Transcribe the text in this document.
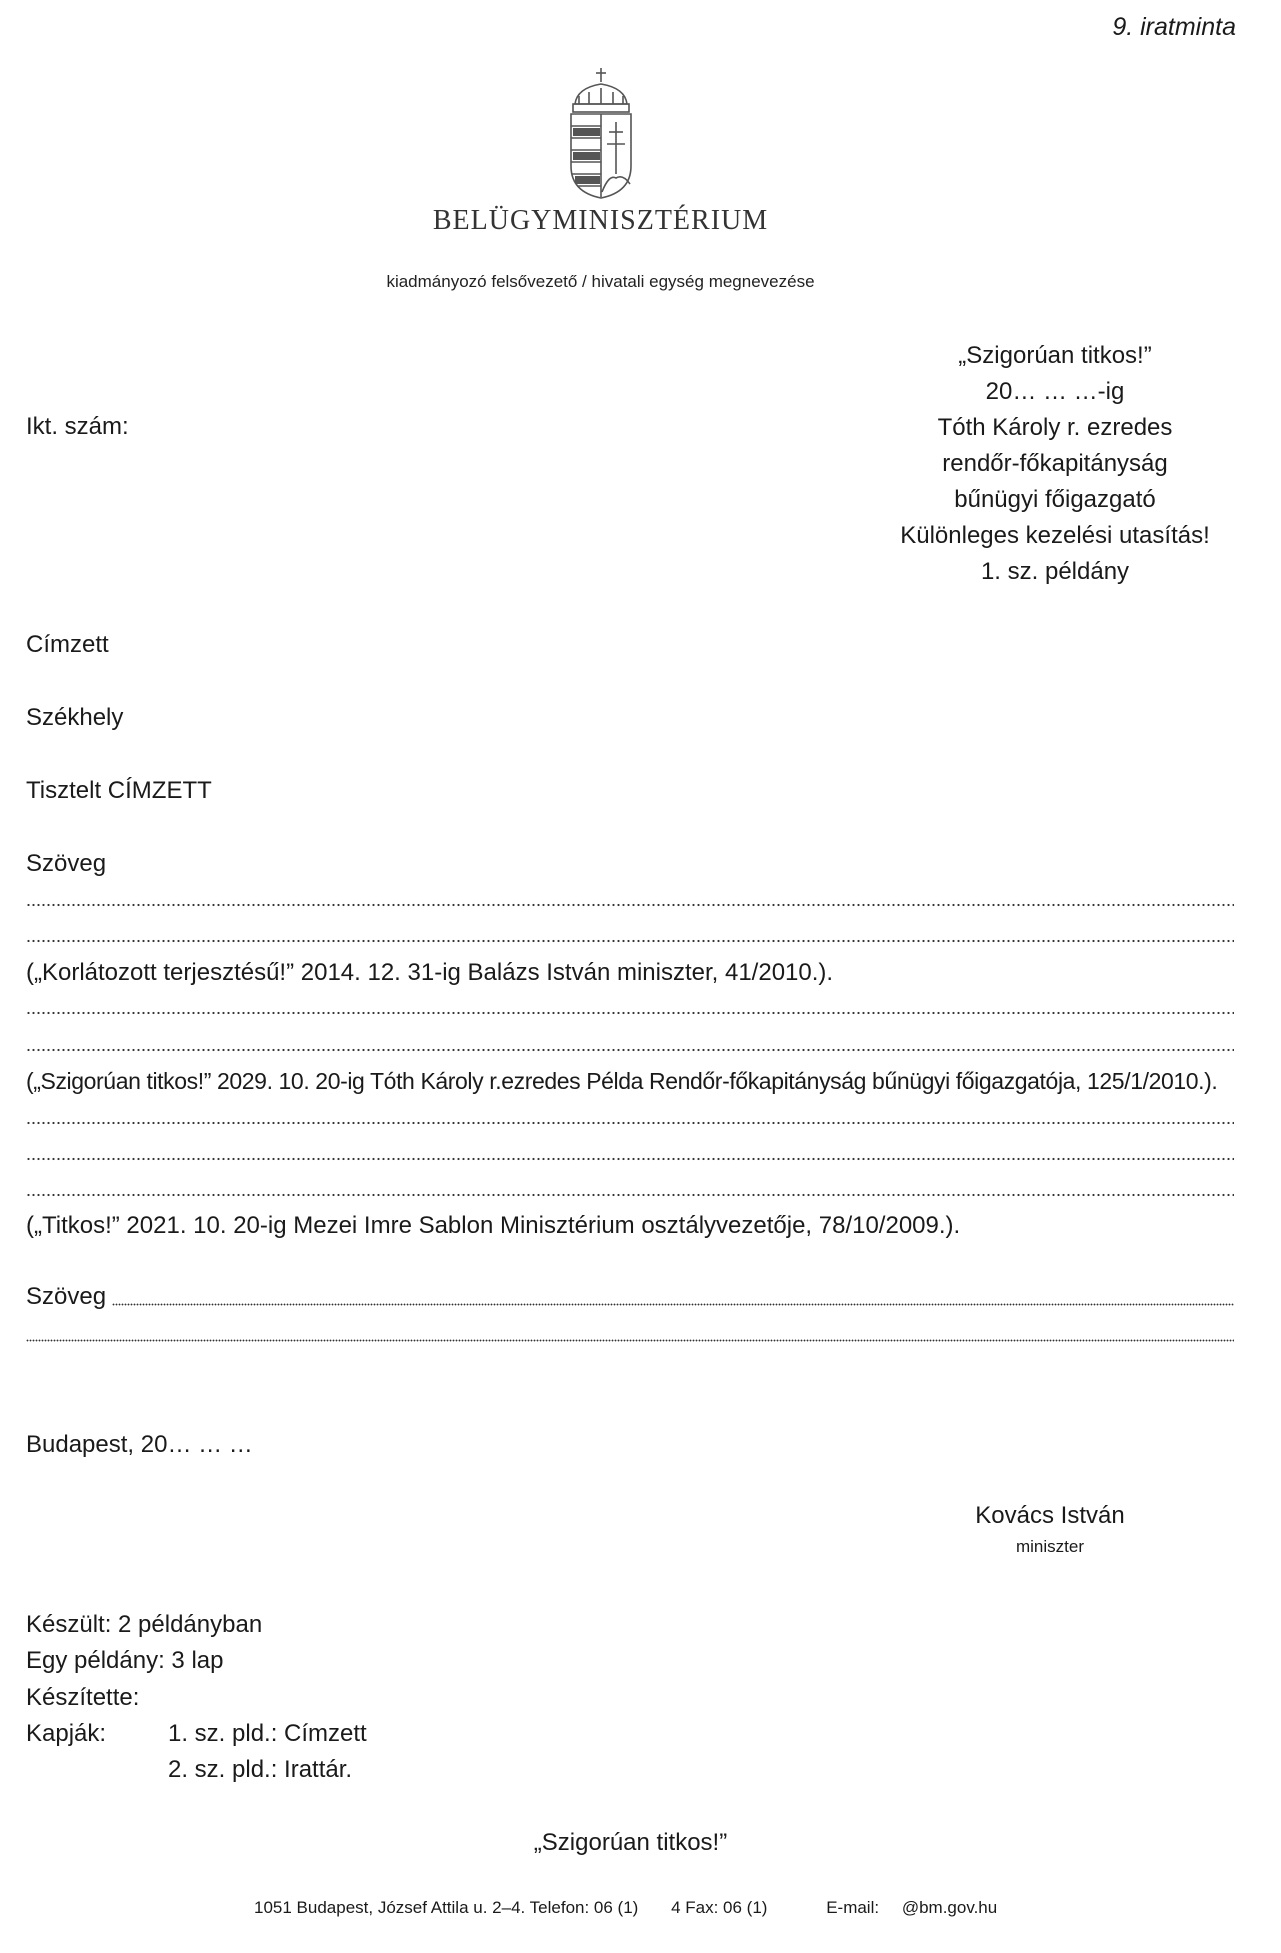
9. iratminta
BELÜGYMINISZTÉRIUM
kiadmányozó felsővezető / hivatali egység megnevezése
Ikt. szám:
„Szigorúan titkos!”
20… … …-ig
Tóth Károly r. ezredes
rendőr-főkapitányság
bűnügyi főigazgató
Különleges kezelési utasítás!
1. sz. példány
Címzett
Székhely
Tisztelt CÍMZETT
Szöveg
(„Korlátozott terjesztésű!” 2014. 12. 31-ig Balázs István miniszter, 41/2010.).
(„Szigorúan titkos!” 2029. 10. 20-ig Tóth Károly r.ezredes Példa Rendőr-főkapitányság bűnügyi főigazgatója, 125/1/2010.).
(„Titkos!” 2021. 10. 20-ig Mezei Imre Sablon Minisztérium osztályvezetője, 78/10/2009.).
Szöveg
Budapest, 20… … …
Kovács István
miniszter
Készült: 2 példányban
Egy példány: 3 lap
Készítette:
Kapják:	1. sz. pld.: Címzett
2. sz. pld.: Irattár.
„Szigorúan titkos!”
1051 Budapest, József Attila u. 2–4. Telefon: 06 (1) 4 Fax: 06 (1)	E-mail: @bm.gov.hu
